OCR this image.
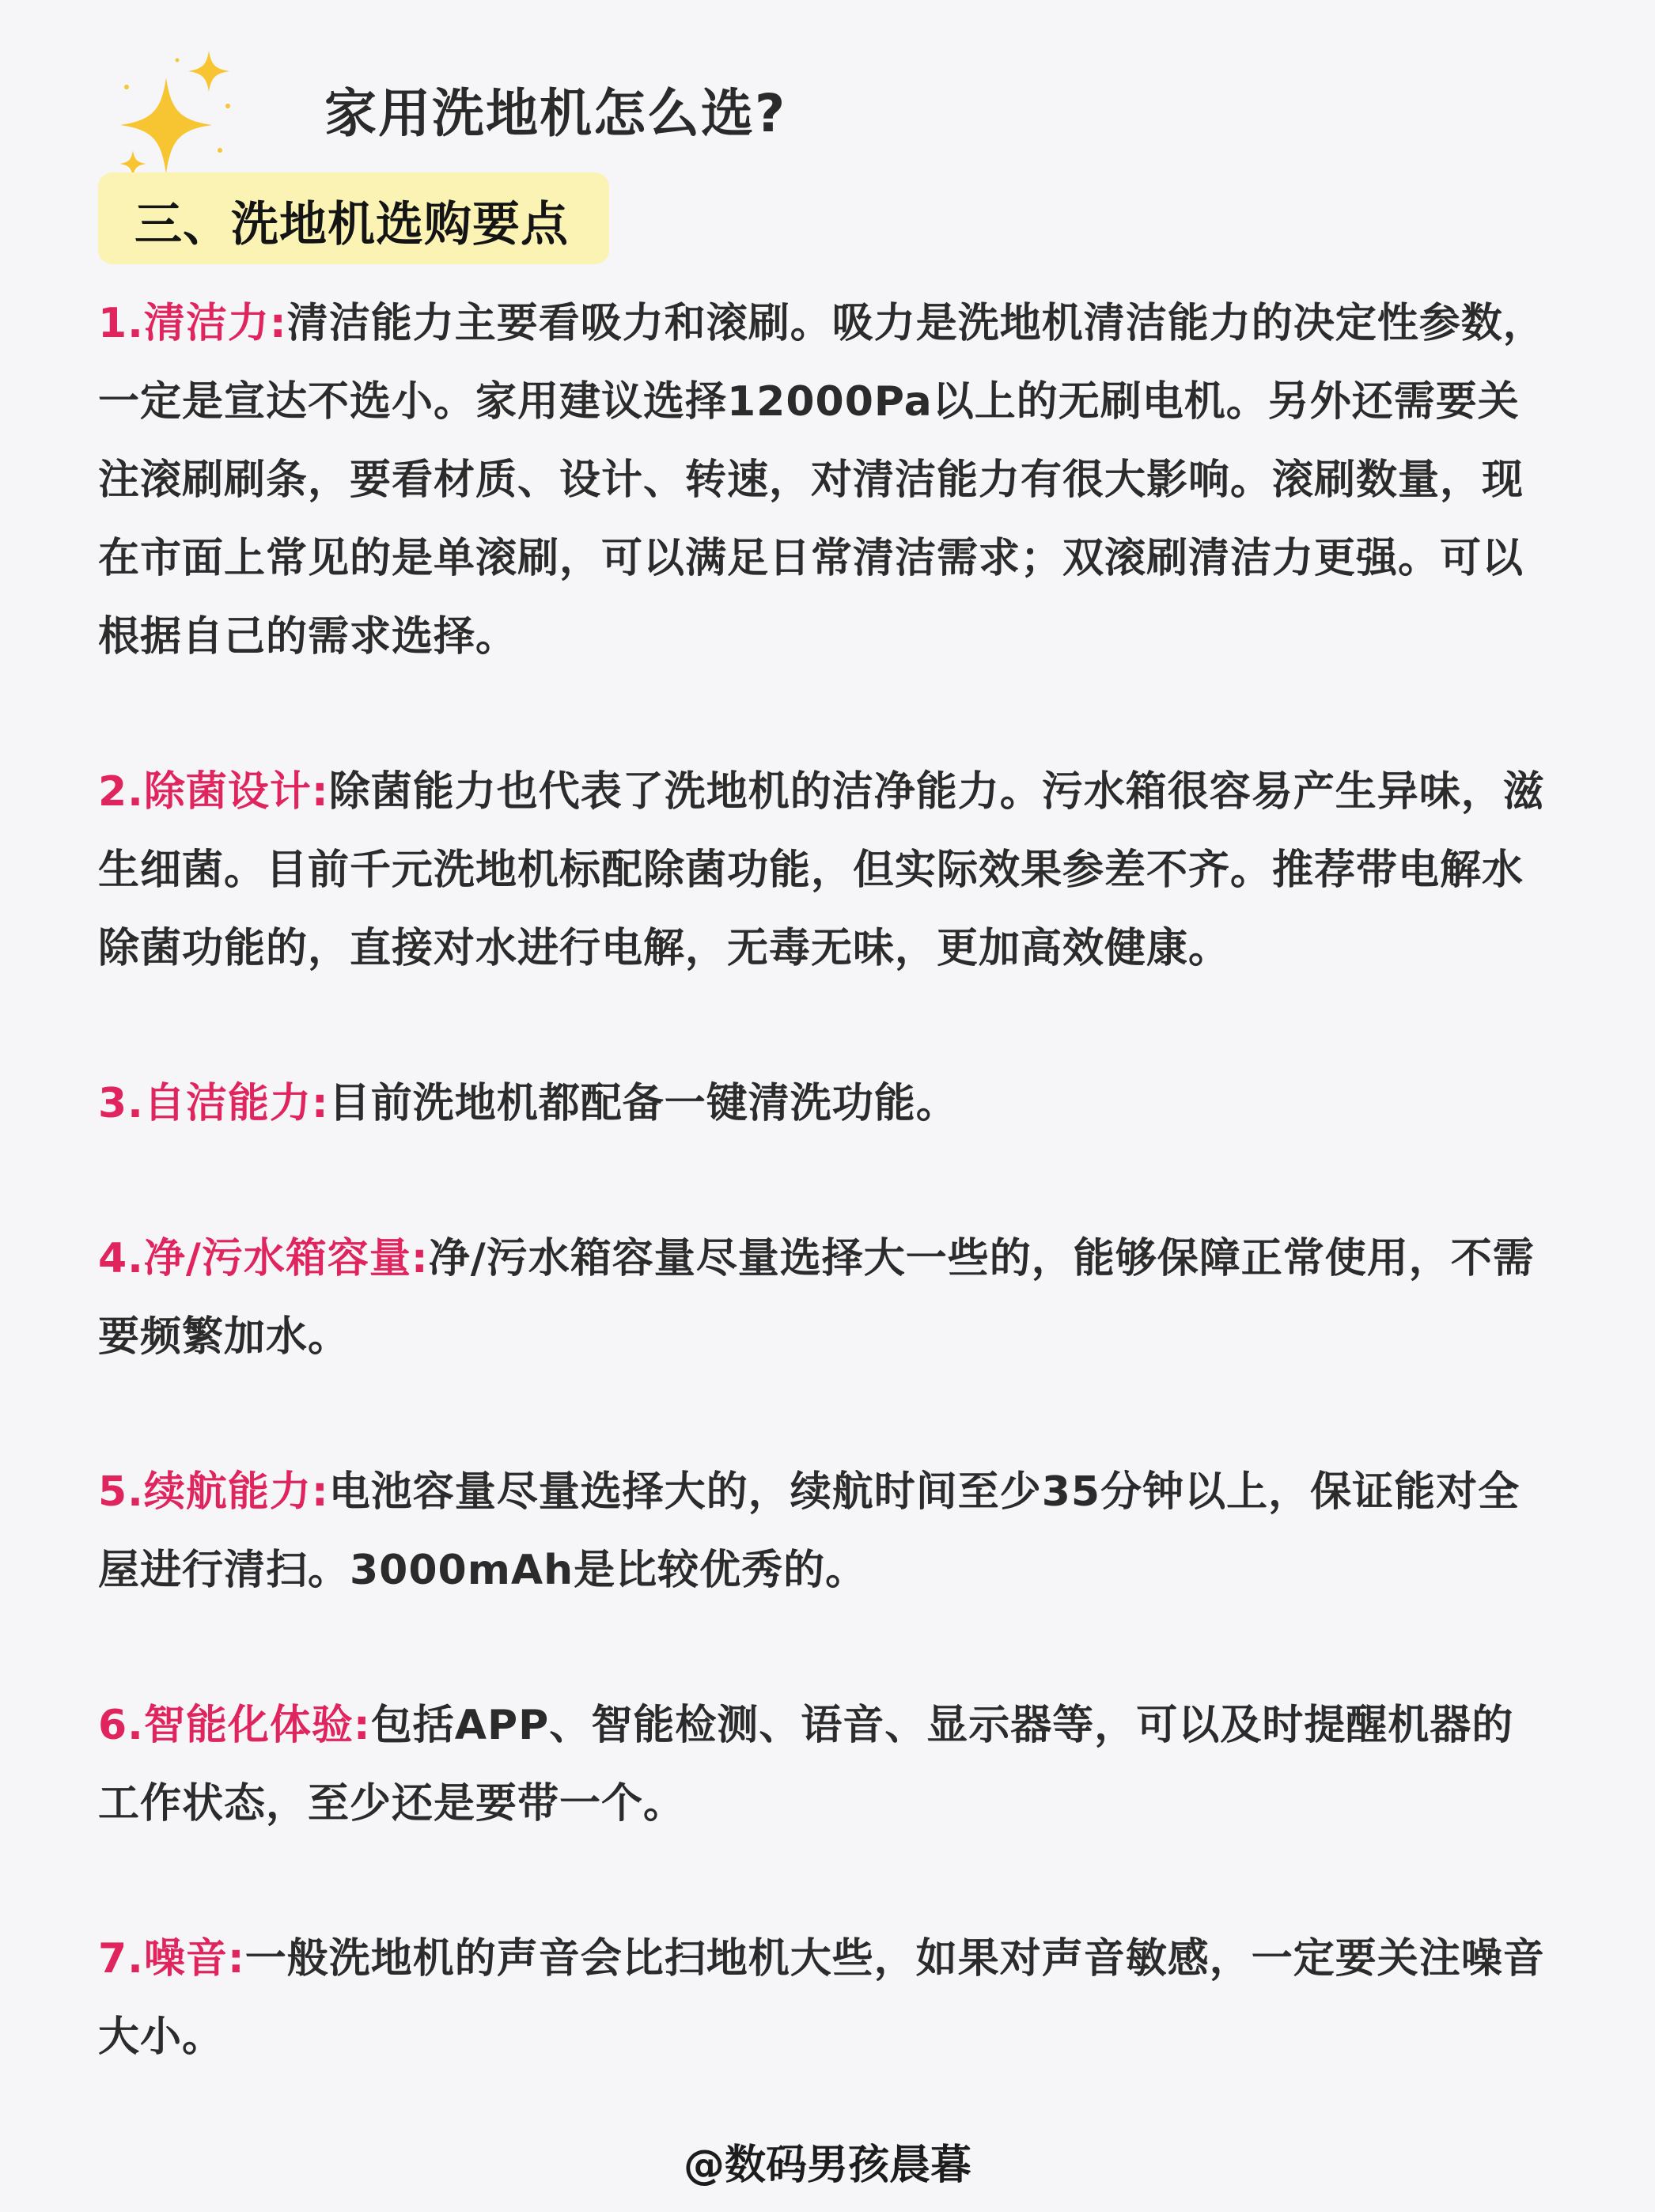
家用洗地机怎么选?
三、洗地机选购要点

1.清洁力:清洁能力主要看吸力和滚刷。吸力是洗地机清洁能力的决定性参数，一定是宣达不选小。家用建议选择12000Pa以上的无刷电机。另外还需要关注滚刷刷条，要看材质、设计、转速，对清洁能力有很大影响。滚刷数量，现在市面上常见的是单滚刷，可以满足日常清洁需求；双滚刷清洁力更强。可以根据自己的需求选择。

2.除菌设计:除菌能力也代表了洗地机的洁净能力。污水箱很容易产生异味，滋生细菌。目前千元洗地机标配除菌功能，但实际效果参差不齐。推荐带电解水除菌功能的，直接对水进行电解，无毒无味，更加高效健康。

3.自洁能力:目前洗地机都配备一键清洗功能。

4.净/污水箱容量:净/污水箱容量尽量选择大一些的，能够保障正常使用，不需要频繁加水。

5.续航能力:电池容量尽量选择大的，续航时间至少35分钟以上，保证能对全屋进行清扫。3000mAh是比较优秀的。

6.智能化体验:包括APP、智能检测、语音、显示器等，可以及时提醒机器的工作状态，至少还是要带一个。

7.噪音:一般洗地机的声音会比扫地机大些，如果对声音敏感，一定要关注噪音大小。

@数码男孩晨暮
